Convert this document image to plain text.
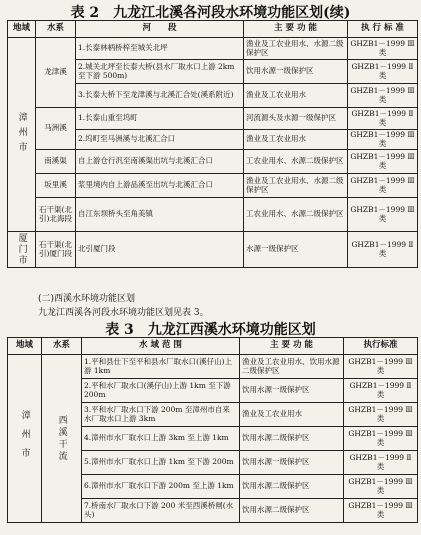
表 2　九龙江北溪各河段水环境功能区划(续)
地域	水系	河　　段	主 要 功 能	执 行 标 准

漳州市	龙津溪	1.长泰林柄桥梓至城关北坪	渔业及工农业用水、水源二级保护区	GHZB1－1999 Ⅲ类
		2.城关北坪至长泰大桥(县水厂取水口上游 2km 至下游 500m)	饮用水源一级保护区	GHZB1－1999 Ⅱ类
		3.长泰大桥下至龙津溪与北溪汇合处(溪系附近)	渔业及工农业用水	GHZB1－1999 Ⅲ类
	马洲溪	1.长泰山重至坞町	河流源头及水源一级保护区	GHZB1－1999 Ⅱ类
		2.坞町至马洲溪与北溪汇合口	渔业及工农业用水	GHZB1－1999 Ⅲ类
	南溪渠	自上游仓行汎至南溪渠出坑与北溪汇合口	工农业用水、水源二级保护区	GHZB1－1999 Ⅲ类
	坂里溪	浆里境内自上游品溪至出坑与北溪汇合口	渔业及工农业用水、水源二级保护区	GHZB1－1999 Ⅲ类
	石干渠(北引)北海段	自江东坝桥头至角美镇	工农业用水、水源二级保护区	GHZB1－1999 Ⅲ类

厦门市	石干渠(北引)厦门段	北引厦门段	水源一级保护区	GHZB1－1999 Ⅱ类
(二)西溪水环境功能区划
九龙江西溪各河段水环境功能区划见表 3。
表 3　九龙江西溪水环境功能区划
地域	水系	水 域 范 围	主 要 功 能	执行标准

漳州市	西溪干流	1.平和县仕下至平和县水厂取水口(溪仔山)上游 1km	渔业及工农业用水、饮用水源二级保护区	GHZB1－1999 Ⅲ类
		2.平和水厂取水口(溪仔山)上游 1km 至下游 200m	饮用水源一级保护区	GHZB1－1999 Ⅱ类
		3.平和水厂取水口下游 200m 至漳州市自来水厂取水口上游 3km	渔业及工农业用水	GHZB1－1999 Ⅲ类
		4.漳州市水厂取水口上游 3km 至上游 1km	饮用水源二级保护区	GHZB1－1999 Ⅲ类
		5.漳州市水厂取水口上游 1km 至下游 200m	饮用水源一级保护区	GHZB1－1999 Ⅱ类
		6.漳州市水厂取水口下游 200m 至上游 1km	饮用水源二级保护区	GHZB1－1999 Ⅲ类
		7.桥南水厂取水口下游 200 米至西溪桥闸(水头)	饮用水源二级保护区	GHZB1－1999 Ⅲ类
